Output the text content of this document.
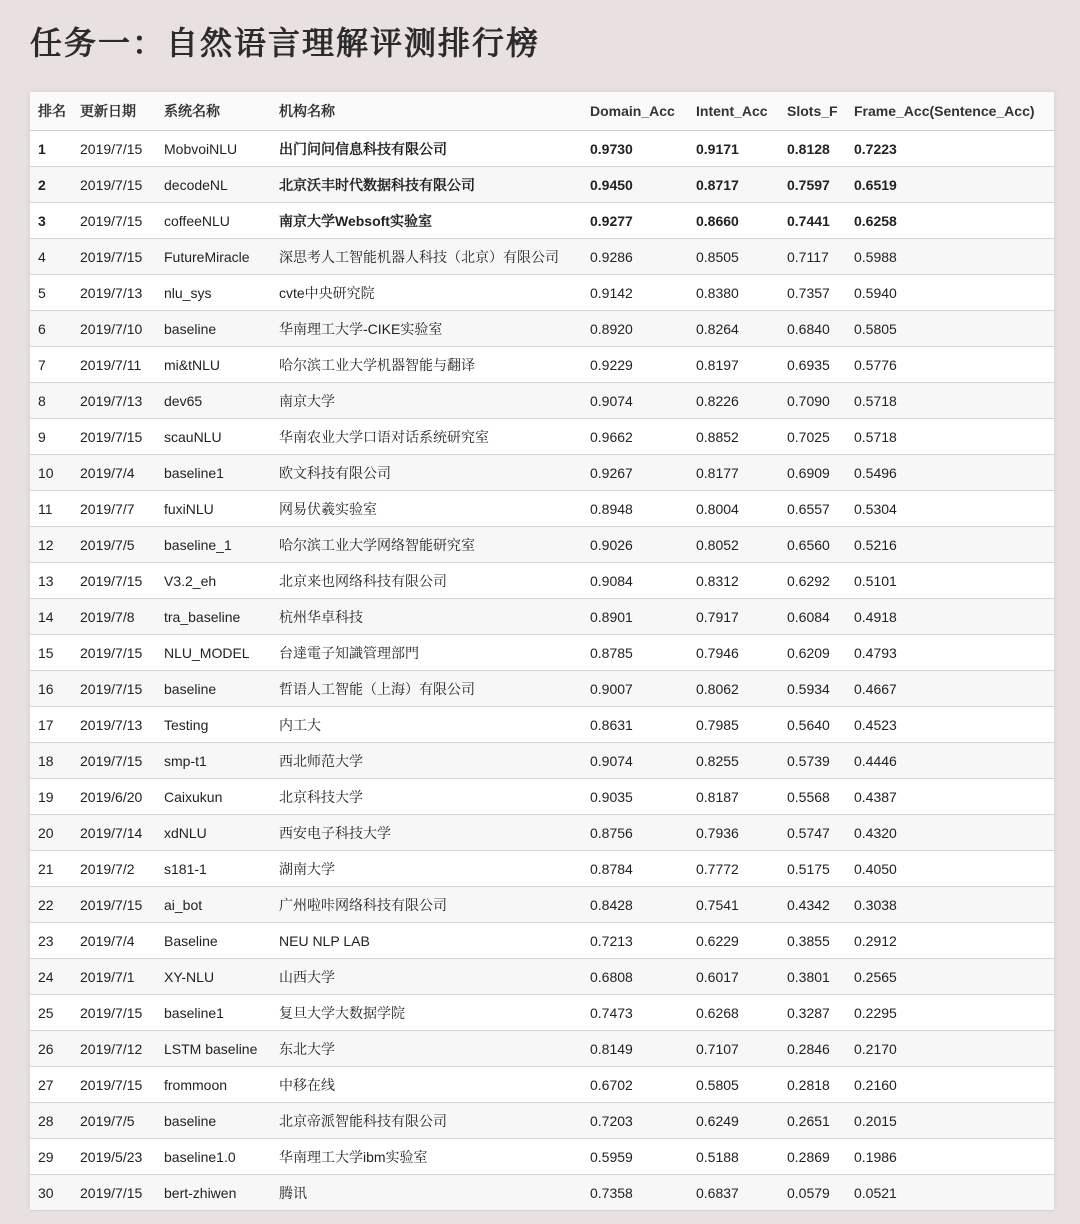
任务一：自然语言理解评测排行榜
排名	更新日期	系统名称	机构名称	Domain_Acc	Intent_Acc	Slots_F	Frame_Acc(Sentence_Acc)
1	2019/7/15	MobvoiNLU	出门问问信息科技有限公司	0.9730	0.9171	0.8128	0.7223
2	2019/7/15	decodeNL	北京沃丰时代数据科技有限公司	0.9450	0.8717	0.7597	0.6519
3	2019/7/15	coffeeNLU	南京大学Websoft实验室	0.9277	0.8660	0.7441	0.6258
4	2019/7/15	FutureMiracle	深思考人工智能机器人科技（北京）有限公司	0.9286	0.8505	0.7117	0.5988
5	2019/7/13	nlu_sys	cvte中央研究院	0.9142	0.8380	0.7357	0.5940
6	2019/7/10	baseline	华南理工大学-CIKE实验室	0.8920	0.8264	0.6840	0.5805
7	2019/7/11	mi&tNLU	哈尔滨工业大学机器智能与翻译	0.9229	0.8197	0.6935	0.5776
8	2019/7/13	dev65	南京大学	0.9074	0.8226	0.7090	0.5718
9	2019/7/15	scauNLU	华南农业大学口语对话系统研究室	0.9662	0.8852	0.7025	0.5718
10	2019/7/4	baseline1	欧文科技有限公司	0.9267	0.8177	0.6909	0.5496
11	2019/7/7	fuxiNLU	网易伏羲实验室	0.8948	0.8004	0.6557	0.5304
12	2019/7/5	baseline_1	哈尔滨工业大学网络智能研究室	0.9026	0.8052	0.6560	0.5216
13	2019/7/15	V3.2_eh	北京来也网络科技有限公司	0.9084	0.8312	0.6292	0.5101
14	2019/7/8	tra_baseline	杭州华卓科技	0.8901	0.7917	0.6084	0.4918
15	2019/7/15	NLU_MODEL	台達電子知識管理部門	0.8785	0.7946	0.6209	0.4793
16	2019/7/15	baseline	哲语人工智能（上海）有限公司	0.9007	0.8062	0.5934	0.4667
17	2019/7/13	Testing	内工大	0.8631	0.7985	0.5640	0.4523
18	2019/7/15	smp-t1	西北师范大学	0.9074	0.8255	0.5739	0.4446
19	2019/6/20	Caixukun	北京科技大学	0.9035	0.8187	0.5568	0.4387
20	2019/7/14	xdNLU	西安电子科技大学	0.8756	0.7936	0.5747	0.4320
21	2019/7/2	s181-1	湖南大学	0.8784	0.7772	0.5175	0.4050
22	2019/7/15	ai_bot	广州啦咔网络科技有限公司	0.8428	0.7541	0.4342	0.3038
23	2019/7/4	Baseline	NEU NLP LAB	0.7213	0.6229	0.3855	0.2912
24	2019/7/1	XY-NLU	山西大学	0.6808	0.6017	0.3801	0.2565
25	2019/7/15	baseline1	复旦大学大数据学院	0.7473	0.6268	0.3287	0.2295
26	2019/7/12	LSTM baseline	东北大学	0.8149	0.7107	0.2846	0.2170
27	2019/7/15	frommoon	中移在线	0.6702	0.5805	0.2818	0.2160
28	2019/7/5	baseline	北京帝派智能科技有限公司	0.7203	0.6249	0.2651	0.2015
29	2019/5/23	baseline1.0	华南理工大学ibm实验室	0.5959	0.5188	0.2869	0.1986
30	2019/7/15	bert-zhiwen	腾讯	0.7358	0.6837	0.0579	0.0521
